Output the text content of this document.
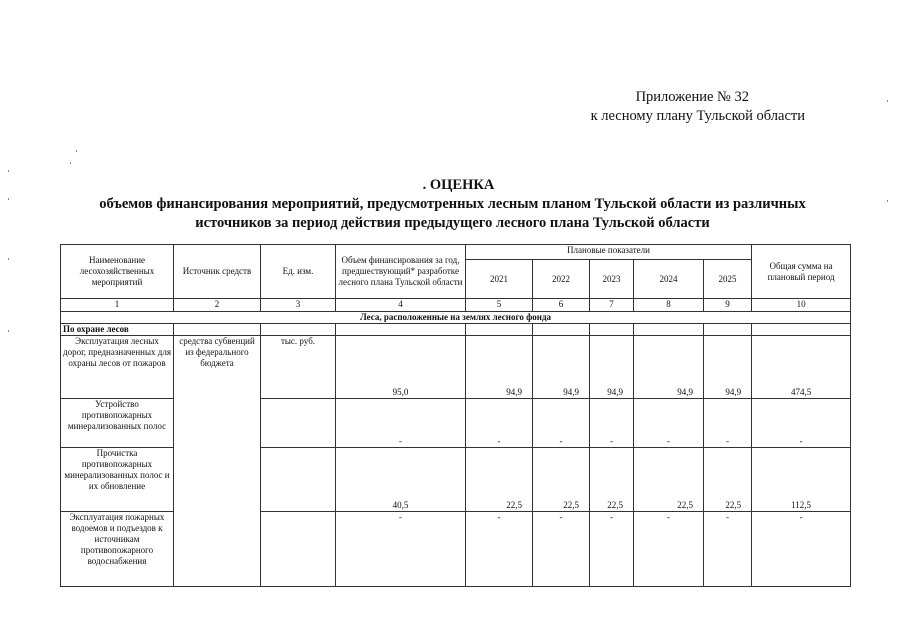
Приложение № 32
к лесному плану Тульской области
. ОЦЕНКА
объемов финансирования мероприятий, предусмотренных лесным планом Тульской области из различных
источников за период действия предыдущего лесного плана Тульской области
Наименование лесохозяйственных мероприятий	Источник средств	Ед. изм.	Объем финансирования за год, предшествующий* разработке лесного плана Тульской области	Плановые показатели					Общая сумма на плановый период
				2021	2022	2023	2024	2025	
1	2	3	4	5	6	7	8	9	10
Леса, расположенные на землях лесного фонда									
По охране лесов									
Эксплуатация лесных дорог, предназначенных для охраны лесов от пожаров	средства субвенций из федерального бюджета	тыс. руб.	95,0	94,9	94,9	94,9	94,9	94,9	474,5
Устройство противопожарных минерализованных полос			-	-	-	-	-	-	-
Прочистка противопожарных минерализованных полос и их обновление			40,5	22,5	22,5	22,5	22,5	22,5	112,5
Эксплуатация пожарных водоемов и подъездов к источникам противопожарного водоснабжения			-	-	-	-	-	-	-
